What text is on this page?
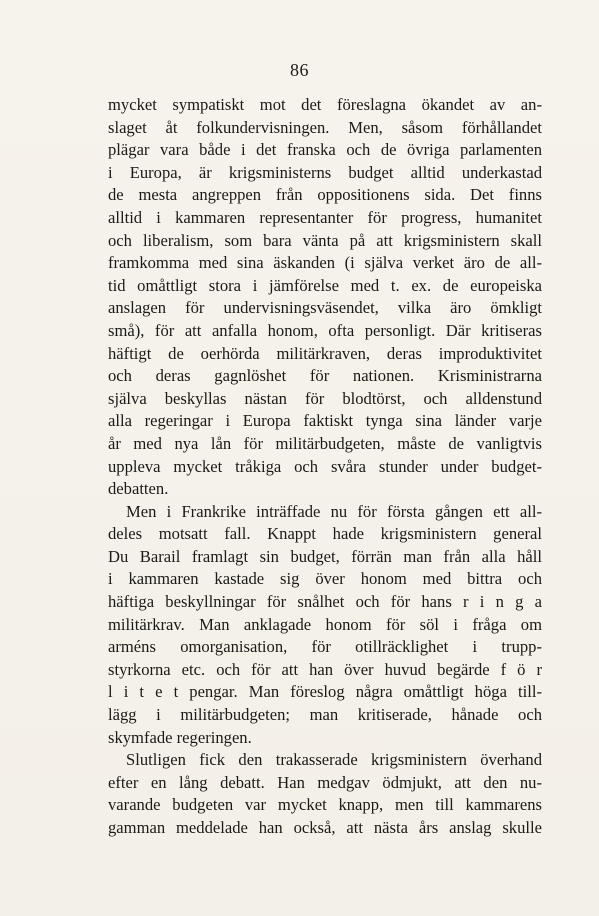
86
mycket sympatiskt mot det föreslagna ökandet av an-
slaget åt folkundervisningen. Men, såsom förhållandet
plägar vara både i det franska och de övriga parlamenten
i Europa, är krigsministerns budget alltid underkastad
de mesta angreppen från oppositionens sida. Det finns
alltid i kammaren representanter för progress, humanitet
och liberalism, som bara vänta på att krigsministern skall
framkomma med sina äskanden (i själva verket äro de all-
tid omåttligt stora i jämförelse med t. ex. de europeiska
anslagen för undervisningsväsendet, vilka äro ömkligt
små), för att anfalla honom, ofta personligt. Där kritiseras
häftigt de oerhörda militärkraven, deras improduktivitet
och deras gagnlöshet för nationen. Krisministrarna
själva beskyllas nästan för blodtörst, och alldenstund
alla regeringar i Europa faktiskt tynga sina länder varje
år med nya lån för militärbudgeten, måste de vanligtvis
uppleva mycket tråkiga och svåra stunder under budget-
debatten.
Men i Frankrike inträffade nu för första gången ett all-
deles motsatt fall. Knappt hade krigsministern general
Du Barail framlagt sin budget, förrän man från alla håll
i kammaren kastade sig över honom med bittra och
häftiga beskyllningar för snålhet och för hans r i n g a
militärkrav. Man anklagade honom för söl i fråga om
arméns omorganisation, för otillräcklighet i trupp-
styrkorna etc. och för att han över huvud begärde f ö r
l i t e t pengar. Man föreslog några omåttligt höga till-
lägg i militärbudgeten; man kritiserade, hånade och
skymfade regeringen.
Slutligen fick den trakasserade krigsministern överhand
efter en lång debatt. Han medgav ödmjukt, att den nu-
varande budgeten var mycket knapp, men till kammarens
gamman meddelade han också, att nästa års anslag skulle
